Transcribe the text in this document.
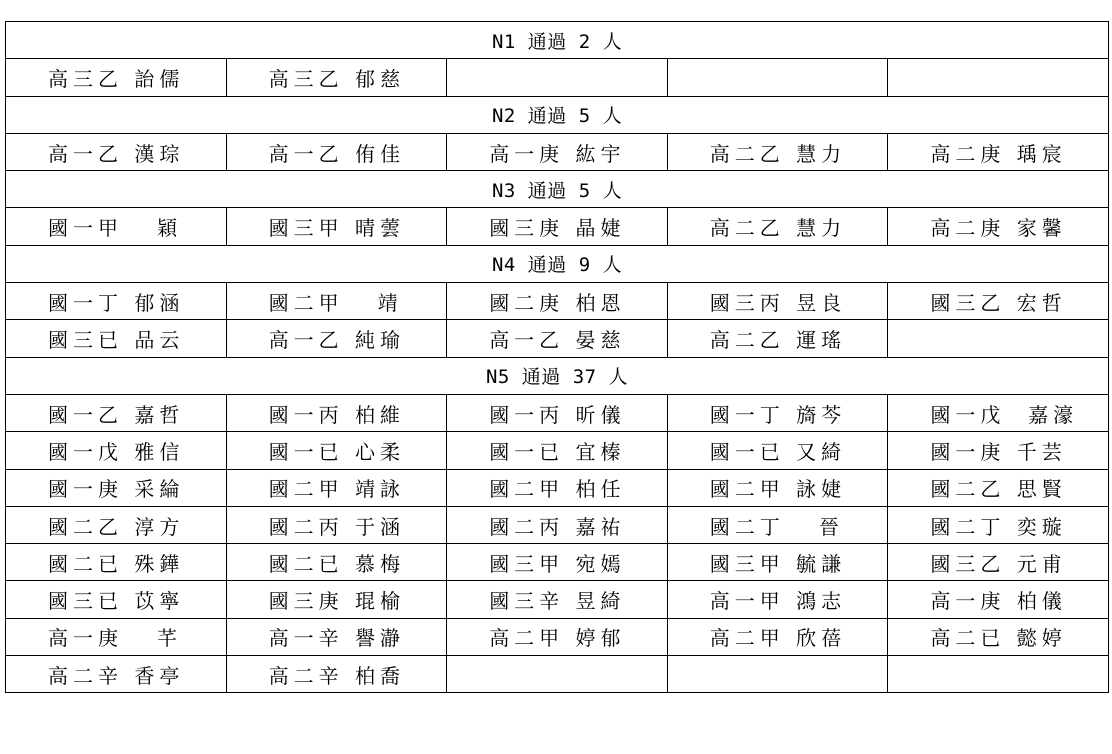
N1 通過 2 人				
高三乙 詒儒	高三乙 郁慈			
N2 通過 5 人				
高一乙 漢琮	高一乙 侑佳	高一庚 紘宇	高二乙 慧力	高二庚 瑀宸
N3 通過 5 人				
國一甲   穎	國三甲 晴蕓	國三庚 晶婕	高二乙 慧力	高二庚 家馨
N4 通過 9 人				
國一丁 郁涵	國二甲   靖	國二庚 柏恩	國三丙 昱良	國三乙 宏哲
國三已 品云	高一乙 純瑜	高一乙 晏慈	高二乙 運瑤	
N5 通過 37 人				
國一乙 嘉哲	國一丙 柏維	國一丙 昕儀	國一丁 旖芩	國一戊  嘉濠
國一戊 雅信	國一已 心柔	國一已 宜榛	國一已 又綺	國一庚 千芸
國一庚 采綸	國二甲 靖詠	國二甲 柏任	國二甲 詠婕	國二乙 思賢
國二乙 淳方	國二丙 于涵	國二丙 嘉祐	國二丁   晉	國二丁 奕璇
國二已 殊鏵	國二已 慕梅	國三甲 宛嫣	國三甲 毓謙	國三乙 元甫
國三已 苡寧	國三庚 琨榆	國三辛 昱綺	高一甲 鴻志	高一庚 柏儀
高一庚   芊	高一辛 譽瀞	高二甲 婷郁	高二甲 欣蓓	高二已 懿婷
高二辛 香亭	高二辛 柏喬			
